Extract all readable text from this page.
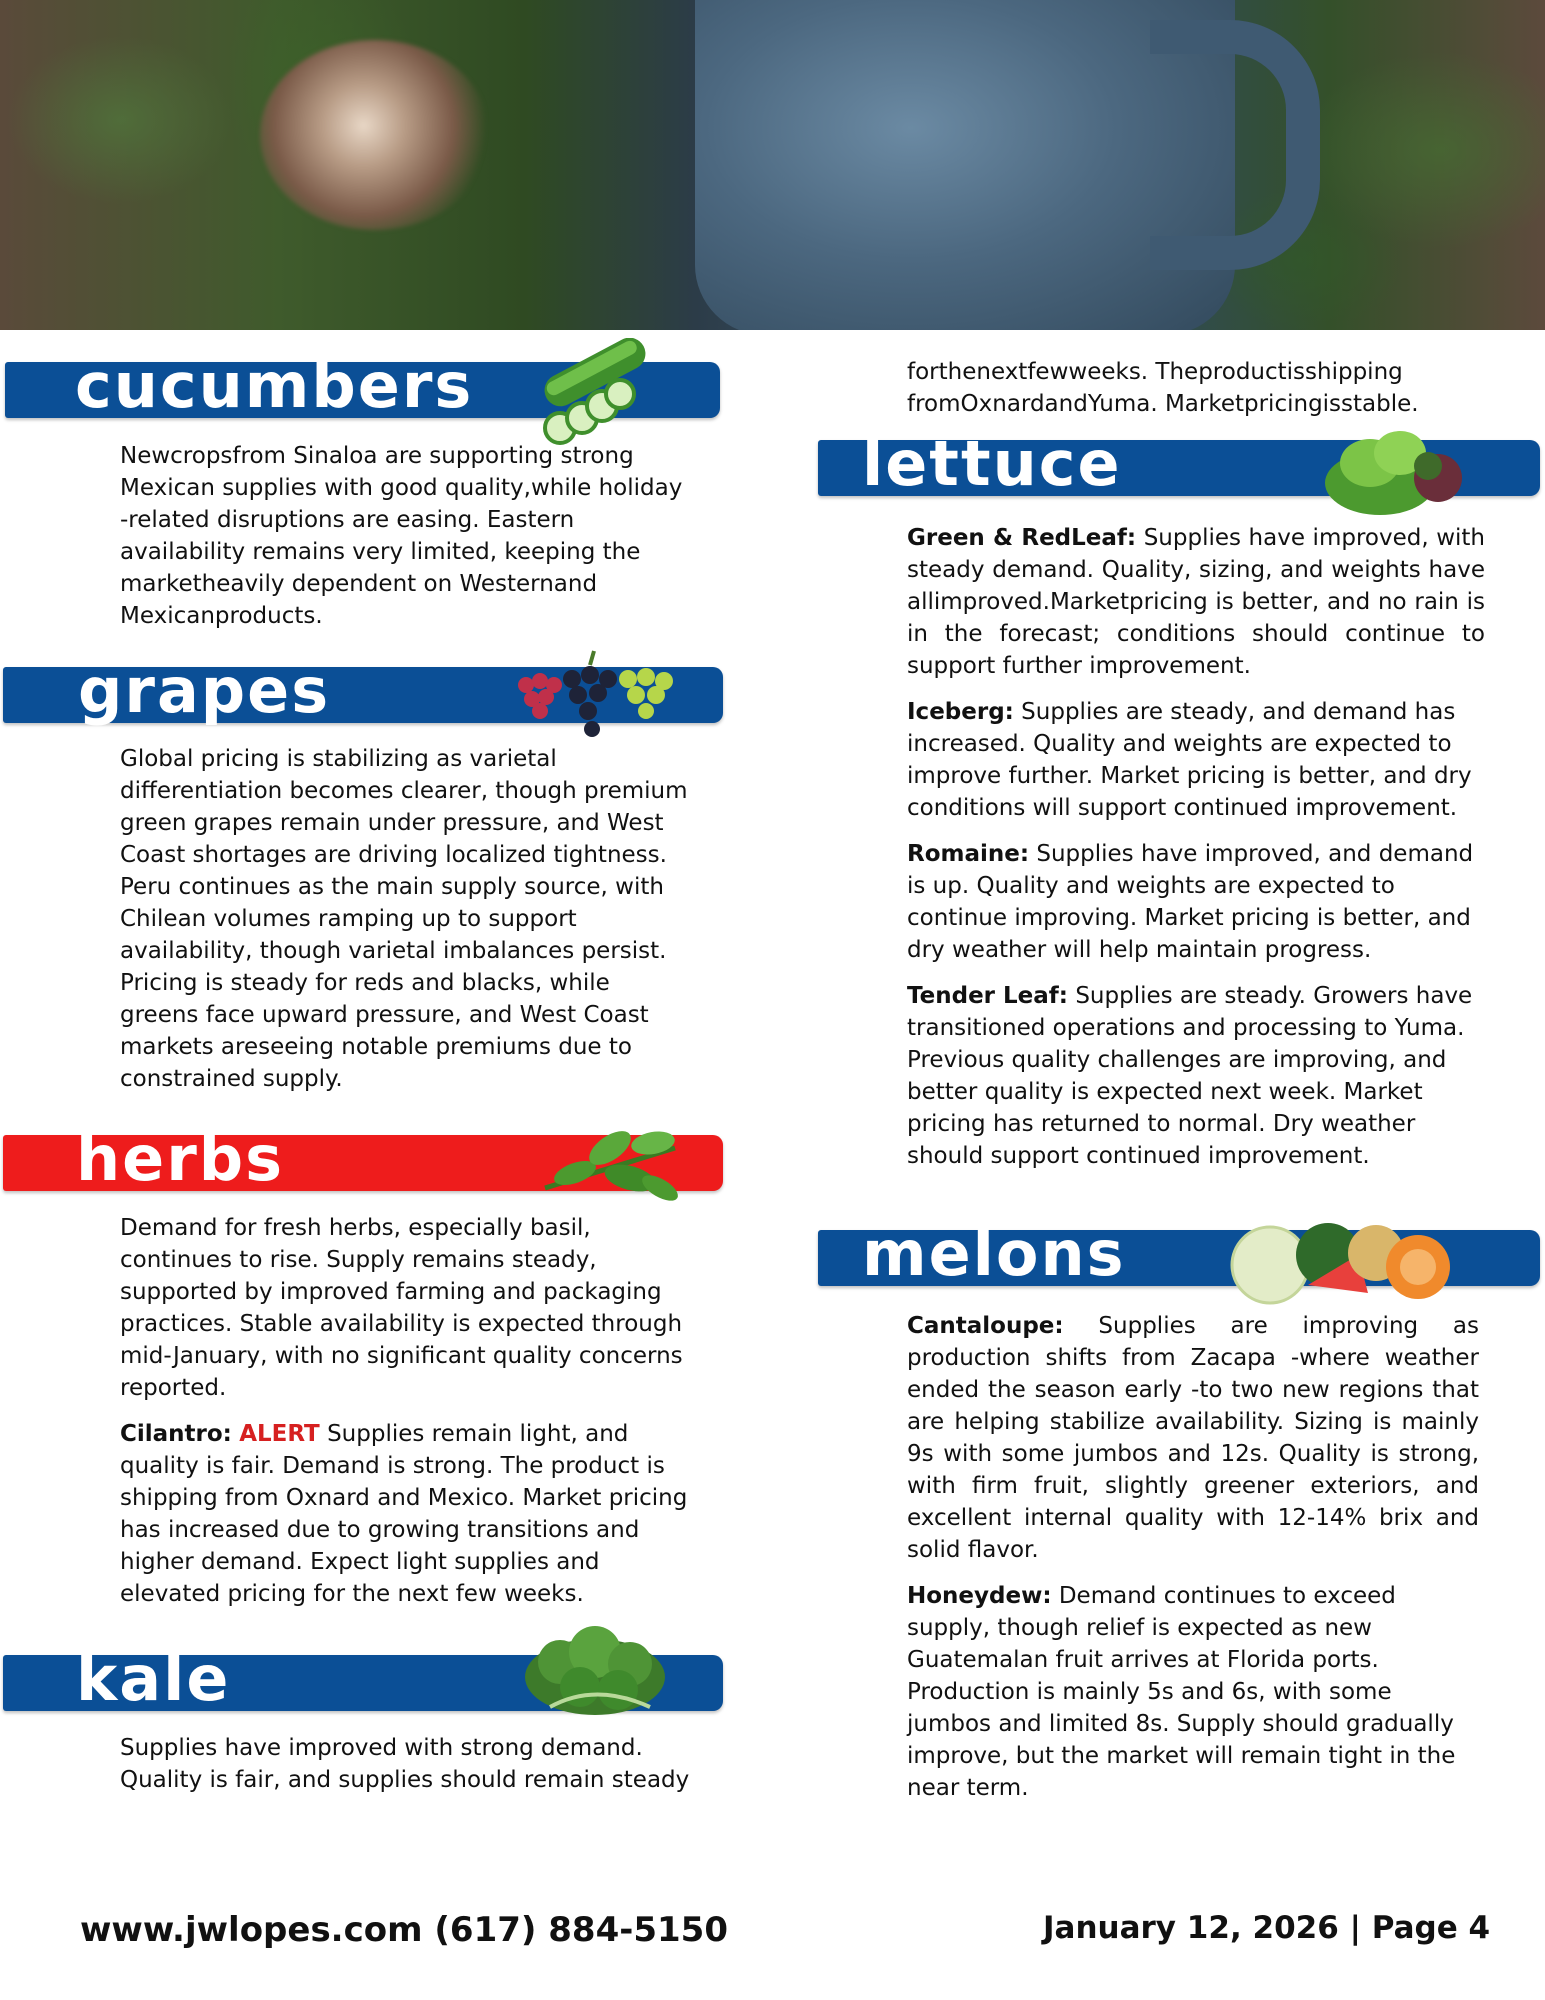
cucumbers

Newcropsfrom Sinaloa are supporting strong Mexican supplies with good quality,while holiday -related disruptions are easing. Eastern availability remains very limited, keeping the marketheavily dependent on Westernand Mexicanproducts.

grapes

Global pricing is stabilizing as varietal differentiation becomes clearer, though premium green grapes remain under pressure, and West Coast shortages are driving localized tightness. Peru continues as the main supply source, with Chilean volumes ramping up to support availability, though varietal imbalances persist. Pricing is steady for reds and blacks, while greens face upward pressure, and West Coast markets areseeing notable premiums due to constrained supply.

herbs

Demand for fresh herbs, especially basil, continues to rise. Supply remains steady, supported by improved farming and packaging practices. Stable availability is expected through mid-January, with no significant quality concerns reported.

Cilantro: ALERT Supplies remain light, and quality is fair. Demand is strong. The product is shipping from Oxnard and Mexico. Market pricing has increased due to growing transitions and higher demand. Expect light supplies and elevated pricing for the next few weeks.

kale

Supplies have improved with strong demand. Quality is fair, and supplies should remain steady

forthenextfewweeks. Theproductisshipping fromOxnardandYuma. Marketpricingisstable.

lettuce

Green & RedLeaf: Supplies have improved, with steady demand. Quality, sizing, and weights have allimproved.Marketpricing is better, and no rain is in the forecast; conditions should continue to support further improvement.

Iceberg: Supplies are steady, and demand has increased. Quality and weights are expected to improve further. Market pricing is better, and dry conditions will support continued improvement.

Romaine: Supplies have improved, and demand is up. Quality and weights are expected to continue improving. Market pricing is better, and dry weather will help maintain progress.

Tender Leaf: Supplies are steady. Growers have transitioned operations and processing to Yuma. Previous quality challenges are improving, and better quality is expected next week. Market pricing has returned to normal. Dry weather should support continued improvement.

melons

Cantaloupe: Supplies are improving as production shifts from Zacapa -where weather ended the season early -to two new regions that are helping stabilize availability. Sizing is mainly 9s with some jumbos and 12s. Quality is strong, with firm fruit, slightly greener exteriors, and excellent internal quality with 12-14% brix and solid flavor.

Honeydew: Demand continues to exceed supply, though relief is expected as new Guatemalan fruit arrives at Florida ports. Production is mainly 5s and 6s, with some jumbos and limited 8s. Supply should gradually improve, but the market will remain tight in the near term.

www.jwlopes.com (617) 884-5150	January 12, 2026 | Page 4
